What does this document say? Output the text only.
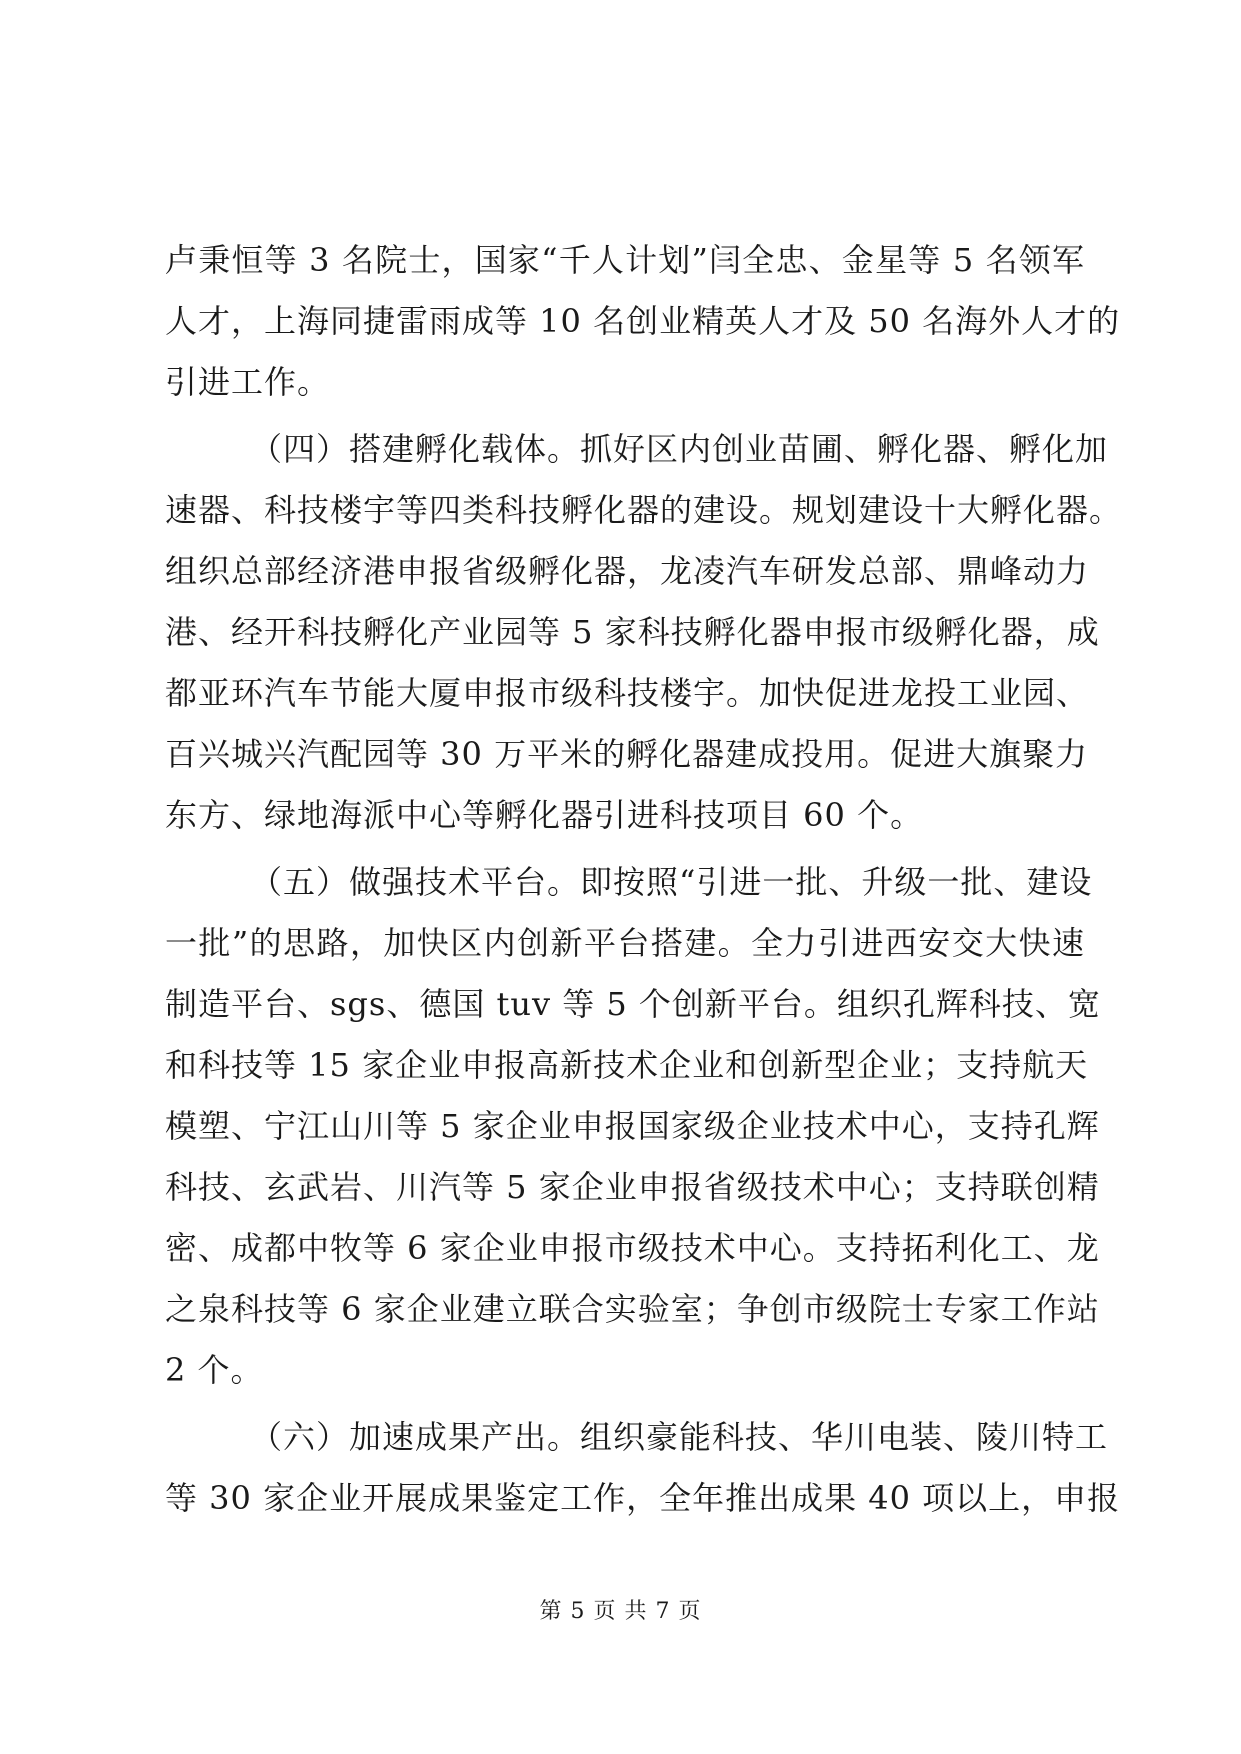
卢秉恒等 3 名院士，国家“千人计划”闫全忠、金星等 5 名领军
人才，上海同捷雷雨成等 10 名创业精英人才及 50 名海外人才的
引进工作。
（四）搭建孵化载体。抓好区内创业苗圃、孵化器、孵化加
速器、科技楼宇等四类科技孵化器的建设。规划建设十大孵化器。
组织总部经济港申报省级孵化器，龙凌汽车研发总部、鼎峰动力
港、经开科技孵化产业园等 5 家科技孵化器申报市级孵化器，成
都亚环汽车节能大厦申报市级科技楼宇。加快促进龙投工业园、
百兴城兴汽配园等 30 万平米的孵化器建成投用。促进大旗聚力
东方、绿地海派中心等孵化器引进科技项目 60 个。
（五）做强技术平台。即按照“引进一批、升级一批、建设
一批”的思路，加快区内创新平台搭建。全力引进西安交大快速
制造平台、sgs、德国 tuv 等 5 个创新平台。组织孔辉科技、宽
和科技等 15 家企业申报高新技术企业和创新型企业；支持航天
模塑、宁江山川等 5 家企业申报国家级企业技术中心，支持孔辉
科技、玄武岩、川汽等 5 家企业申报省级技术中心；支持联创精
密、成都中牧等 6 家企业申报市级技术中心。支持拓利化工、龙
之泉科技等 6 家企业建立联合实验室；争创市级院士专家工作站
2 个。
（六）加速成果产出。组织豪能科技、华川电装、陵川特工
等 30 家企业开展成果鉴定工作，全年推出成果 40 项以上，申报
第 5 页 共 7 页
